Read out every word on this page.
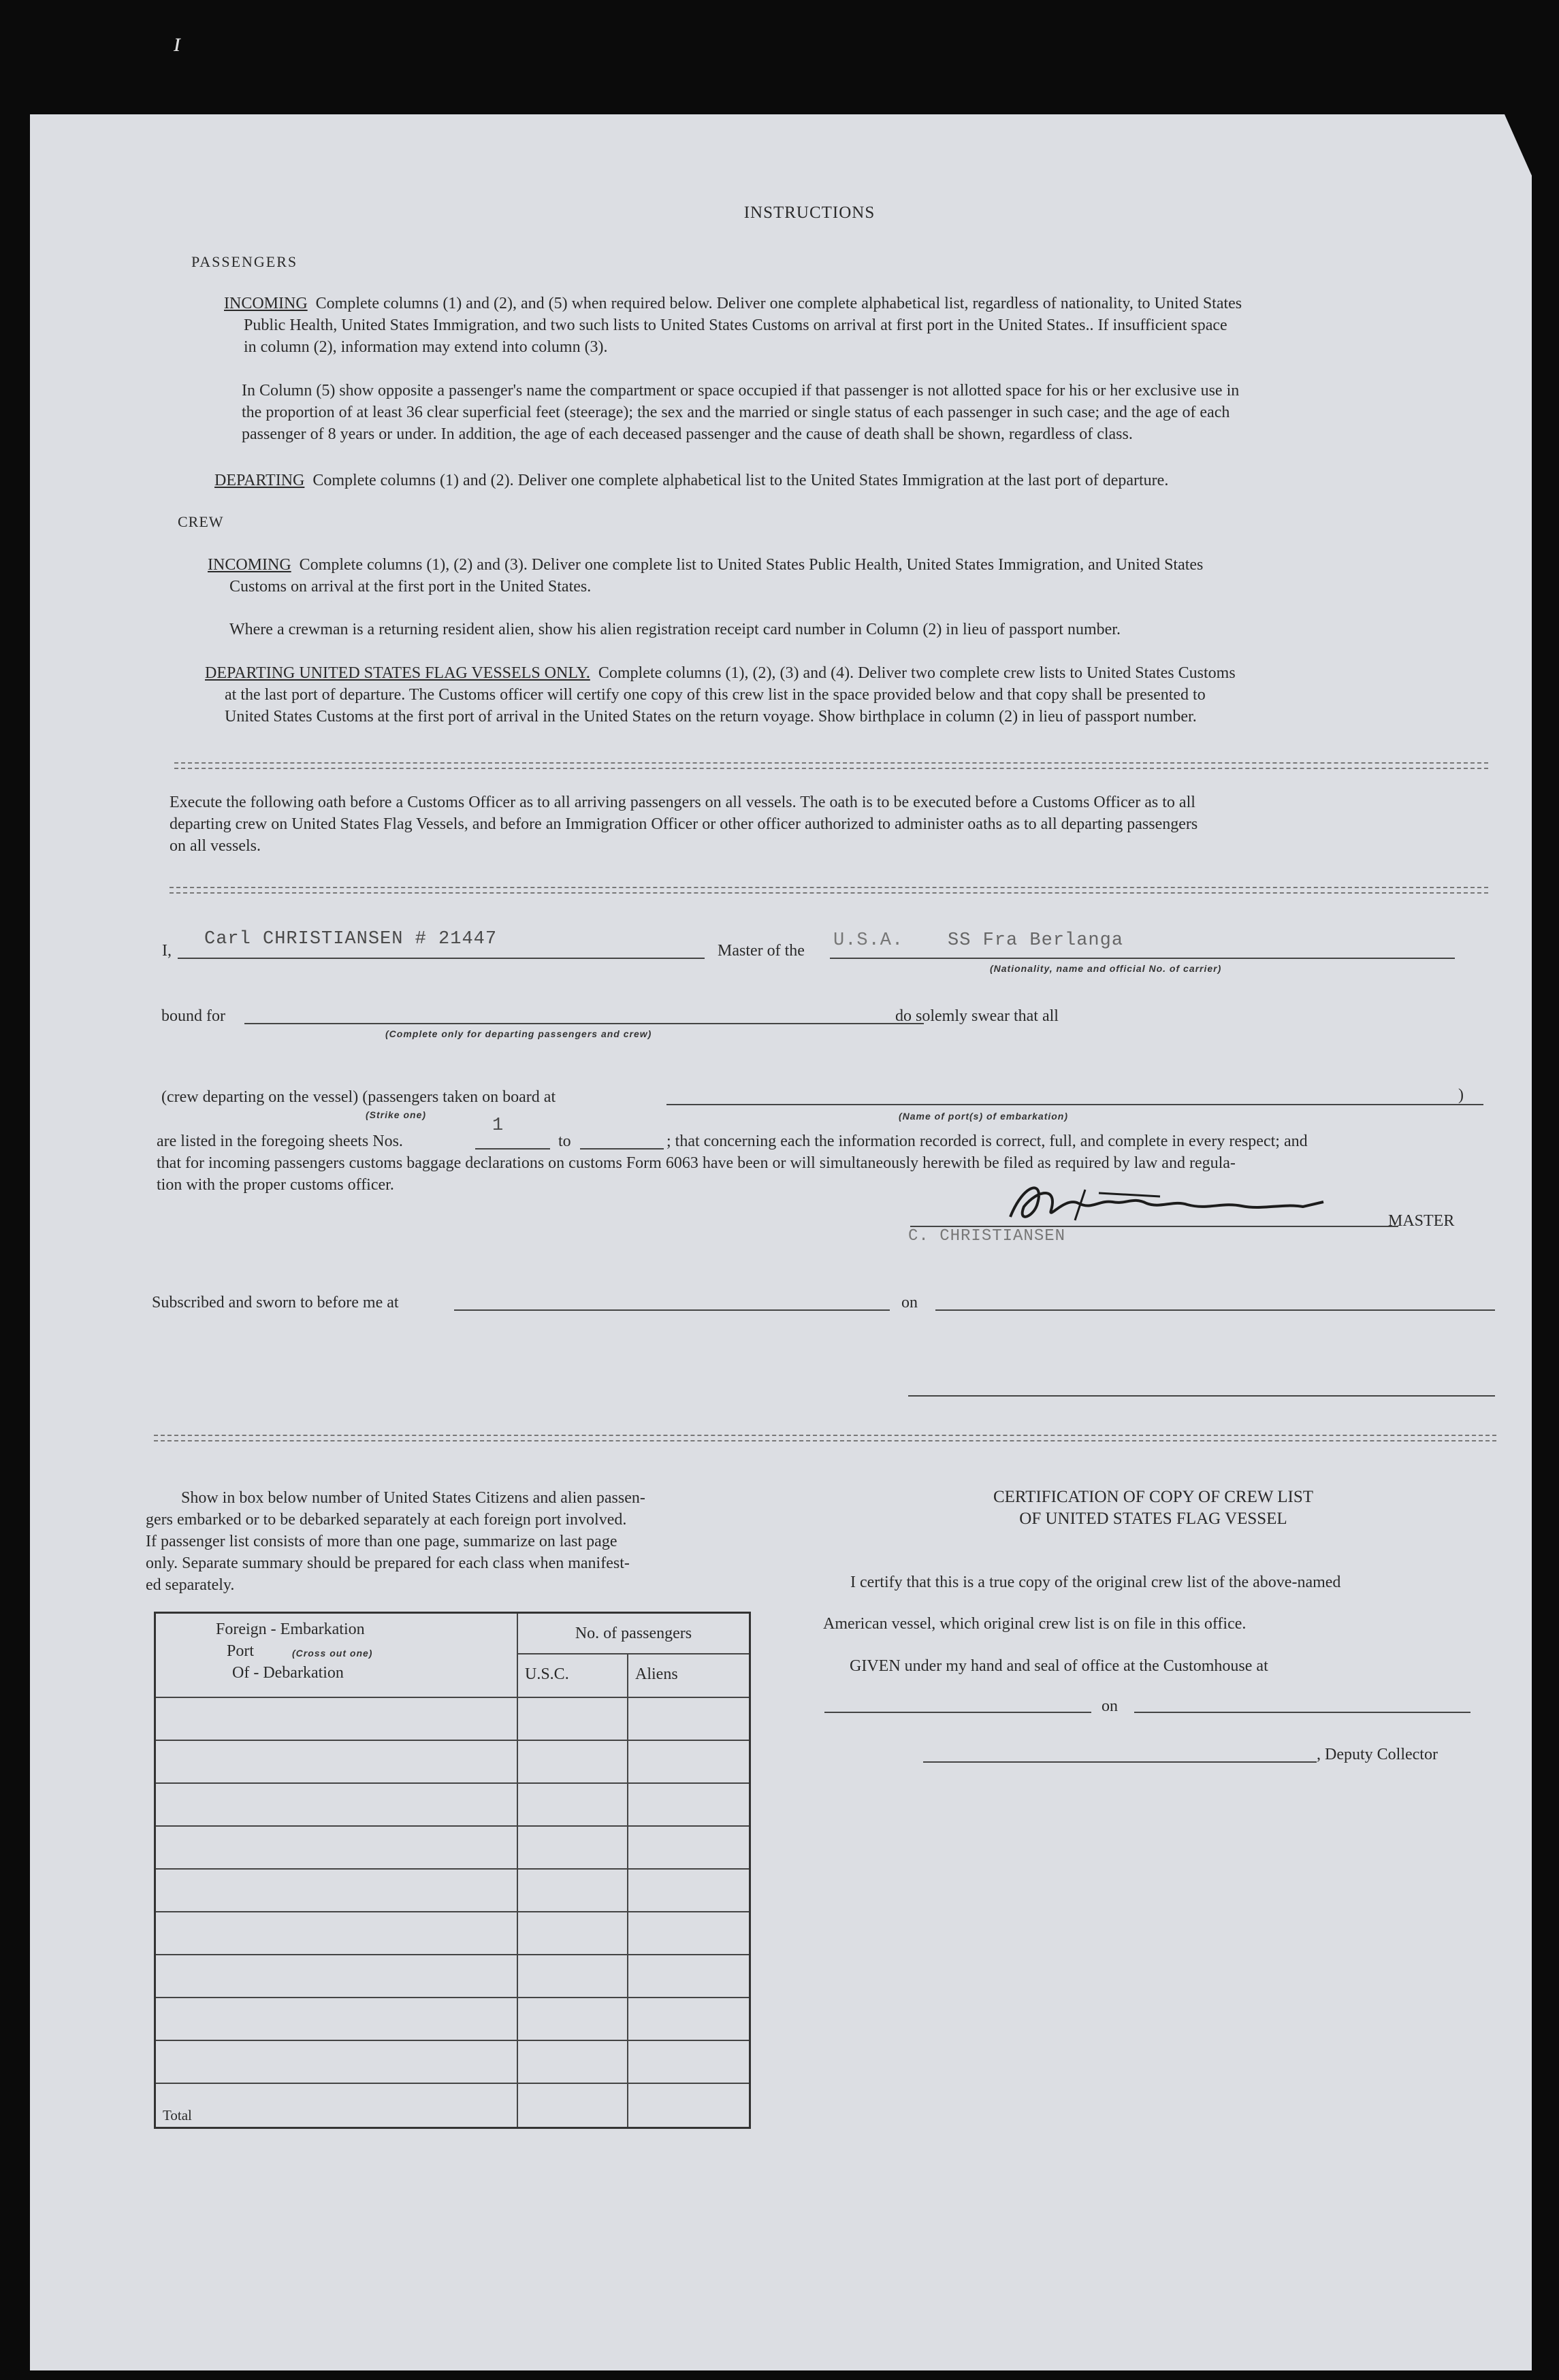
ɪ
INSTRUCTIONS
PASSENGERS
INCOMING Complete columns (1) and (2), and (5) when required below. Deliver one complete alphabetical list, regardless of nationality, to United States
Public Health, United States Immigration, and two such lists to United States Customs on arrival at first port in the United States.. If insufficient space
in column (2), information may extend into column (3).
In Column (5) show opposite a passenger's name the compartment or space occupied if that passenger is not allotted space for his or her exclusive use in
the proportion of at least 36 clear superficial feet (steerage); the sex and the married or single status of each passenger in such case; and the age of each
passenger of 8 years or under. In addition, the age of each deceased passenger and the cause of death shall be shown, regardless of class.
DEPARTING Complete columns (1) and (2). Deliver one complete alphabetical list to the United States Immigration at the last port of departure.
CREW
INCOMING Complete columns (1), (2) and (3). Deliver one complete list to United States Public Health, United States Immigration, and United States
Customs on arrival at the first port in the United States.
Where a crewman is a returning resident alien, show his alien registration receipt card number in Column (2) in lieu of passport number.
DEPARTING UNITED STATES FLAG VESSELS ONLY. Complete columns (1), (2), (3) and (4). Deliver two complete crew lists to United States Customs
at the last port of departure. The Customs officer will certify one copy of this crew list in the space provided below and that copy shall be presented to
United States Customs at the first port of arrival in the United States on the return voyage. Show birthplace in column (2) in lieu of passport number.
Execute the following oath before a Customs Officer as to all arriving passengers on all vessels. The oath is to be executed before a Customs Officer as to all
departing crew on United States Flag Vessels, and before an Immigration Officer or other officer authorized to administer oaths as to all departing passengers
on all vessels.
I,
Carl CHRISTIANSEN # 21447
Master of the U.S.A. SS Fra Berlanga
(Nationality, name and official No. of carrier)
bound for	do solemly swear that all
(Complete only for departing passengers and crew)
(crew departing on the vessel) (passengers taken on board at	)
(Strike one)	(Name of port(s) of embarkation)
are listed in the foregoing sheets Nos.
1
to	; that concerning each the information recorded is correct, full, and complete in every respect; and
that for incoming passengers customs baggage declarations on customs Form 6063 have been or will simultaneously herewith be filed as required by law and regula-
tion with the proper customs officer.
C. CHRISTIANSEN
MASTER
Subscribed and sworn to before me at	on
Show in box below number of United States Citizens and alien passen-
gers embarked or to be debarked separately at each foreign port involved.
If passenger list consists of more than one page, summarize on last page
only. Separate summary should be prepared for each class when manifest-
ed separately.
Foreign - Embarkation
Port (Cross out one)
Of - Debarkation	No. of passengers	
	U.S.C.	Aliens

Total		
CERTIFICATION OF COPY OF CREW LIST
OF UNITED STATES FLAG VESSEL
I certify that this is a true copy of the original crew list of the above-named
American vessel, which original crew list is on file in this office.
GIVEN under my hand and seal of office at the Customhouse at
on
, Deputy Collector
